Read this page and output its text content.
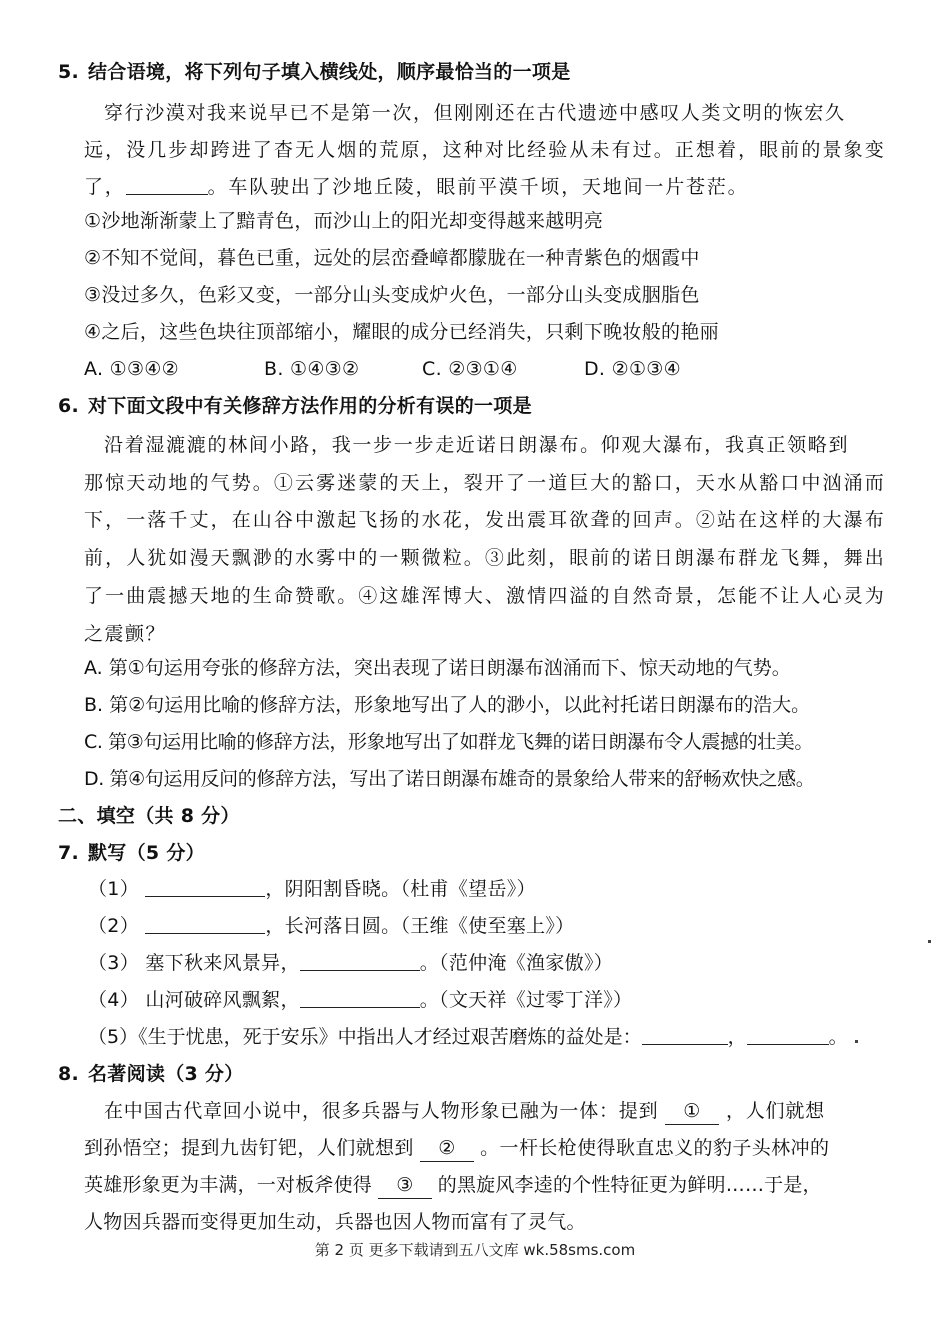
5. 结合语境，将下列句子填入横线处，顺序最恰当的一项是
穿行沙漠对我来说早已不是第一次，但刚刚还在古代遗迹中感叹人类文明的恢宏久
远，没几步却跨进了杳无人烟的荒原，这种对比经验从未有过。正想着，眼前的景象变
了，	。车队驶出了沙地丘陵，眼前平漠千顷，天地间一片苍茫。
①沙地渐渐蒙上了黯青色，而沙山上的阳光却变得越来越明亮
②不知不觉间，暮色已重，远处的层峦叠嶂都朦胧在一种青紫色的烟霞中
③没过多久，色彩又变，一部分山头变成炉火色，一部分山头变成胭脂色
④之后，这些色块往顶部缩小，耀眼的成分已经消失，只剩下晚妆般的艳丽
A. ①③④②	B. ①④③②	C. ②③①④	D. ②①③④
6. 对下面文段中有关修辞方法作用的分析有误的一项是
沿着湿漉漉的林间小路，我一步一步走近诺日朗瀑布。仰观大瀑布，我真正领略到
那惊天动地的气势。①云雾迷蒙的天上，裂开了一道巨大的豁口，天水从豁口中汹涌而
下，一落千丈，在山谷中激起飞扬的水花，发出震耳欲聋的回声。②站在这样的大瀑布
前，人犹如漫天飘渺的水雾中的一颗微粒。③此刻，眼前的诺日朗瀑布群龙飞舞，舞出
了一曲震撼天地的生命赞歌。④这雄浑博大、激情四溢的自然奇景，怎能不让人心灵为
之震颤？
A. 第①句运用夸张的修辞方法，突出表现了诺日朗瀑布汹涌而下、惊天动地的气势。
B. 第②句运用比喻的修辞方法，形象地写出了人的渺小，以此衬托诺日朗瀑布的浩大。
C. 第③句运用比喻的修辞方法，形象地写出了如群龙飞舞的诺日朗瀑布令人震撼的壮美。
D. 第④句运用反问的修辞方法，写出了诺日朗瀑布雄奇的景象给人带来的舒畅欢快之感。
二、填空（共 8 分）
7. 默写（5 分）
（1）	，阴阳割昏晓。（杜甫《望岳》）
（2）	，长河落日圆。（王维《使至塞上》）
（3） 塞下秋来风景异，	。（范仲淹《渔家傲》）
（4） 山河破碎风飘絮，	。（文天祥《过零丁洋》）
（5）《生于忧患，死于安乐》中指出人才经过艰苦磨炼的益处是：	，	。
8. 名著阅读（3 分）
在中国古代章回小说中，很多兵器与人物形象已融为一体：提到 ① ，人们就想
到孙悟空；提到九齿钉钯，人们就想到 ② 。一杆长枪使得耿直忠义的豹子头林冲的
英雄形象更为丰满，一对板斧使得 ③ 的黑旋风李逵的个性特征更为鲜明……于是，
人物因兵器而变得更加生动，兵器也因人物而富有了灵气。
第 2 页 更多下载请到五八文库 wk.58sms.com
